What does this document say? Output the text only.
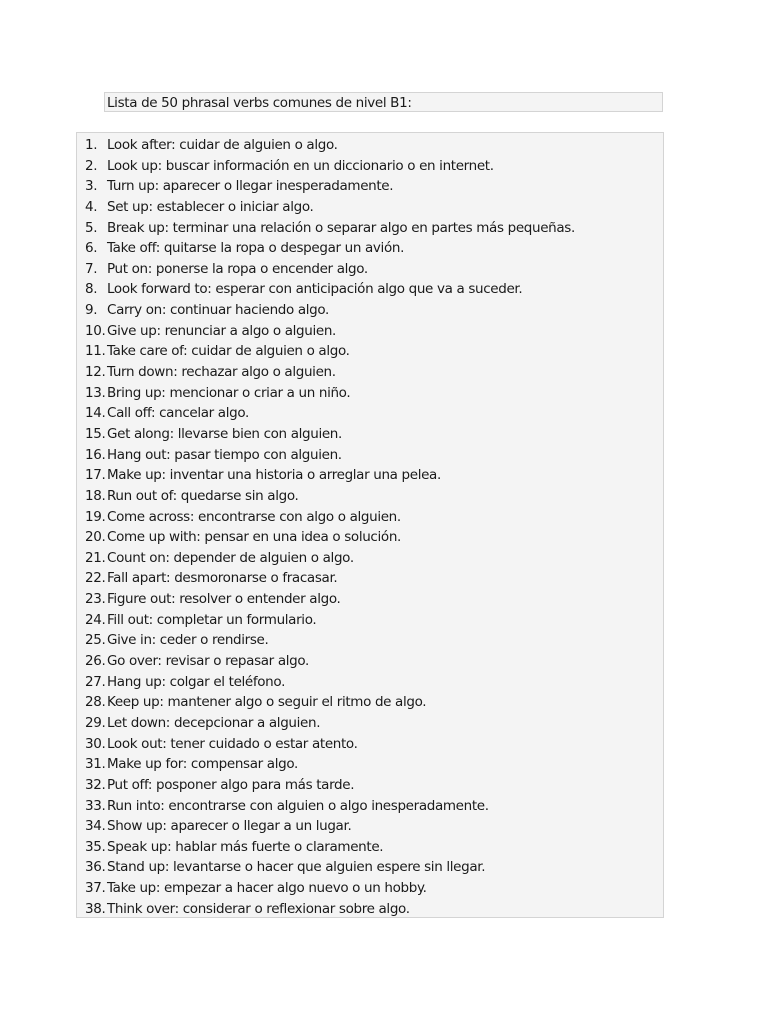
Lista de 50 phrasal verbs comunes de nivel B1:
1. Look after: cuidar de alguien o algo.
2. Look up: buscar información en un diccionario o en internet.
3. Turn up: aparecer o llegar inesperadamente.
4. Set up: establecer o iniciar algo.
5. Break up: terminar una relación o separar algo en partes más pequeñas.
6. Take off: quitarse la ropa o despegar un avión.
7. Put on: ponerse la ropa o encender algo.
8. Look forward to: esperar con anticipación algo que va a suceder.
9. Carry on: continuar haciendo algo.
10. Give up: renunciar a algo o alguien.
11. Take care of: cuidar de alguien o algo.
12. Turn down: rechazar algo o alguien.
13. Bring up: mencionar o criar a un niño.
14. Call off: cancelar algo.
15. Get along: llevarse bien con alguien.
16. Hang out: pasar tiempo con alguien.
17. Make up: inventar una historia o arreglar una pelea.
18. Run out of: quedarse sin algo.
19. Come across: encontrarse con algo o alguien.
20. Come up with: pensar en una idea o solución.
21. Count on: depender de alguien o algo.
22. Fall apart: desmoronarse o fracasar.
23. Figure out: resolver o entender algo.
24. Fill out: completar un formulario.
25. Give in: ceder o rendirse.
26. Go over: revisar o repasar algo.
27. Hang up: colgar el teléfono.
28. Keep up: mantener algo o seguir el ritmo de algo.
29. Let down: decepcionar a alguien.
30. Look out: tener cuidado o estar atento.
31. Make up for: compensar algo.
32. Put off: posponer algo para más tarde.
33. Run into: encontrarse con alguien o algo inesperadamente.
34. Show up: aparecer o llegar a un lugar.
35. Speak up: hablar más fuerte o claramente.
36. Stand up: levantarse o hacer que alguien espere sin llegar.
37. Take up: empezar a hacer algo nuevo o un hobby.
38. Think over: considerar o reflexionar sobre algo.
